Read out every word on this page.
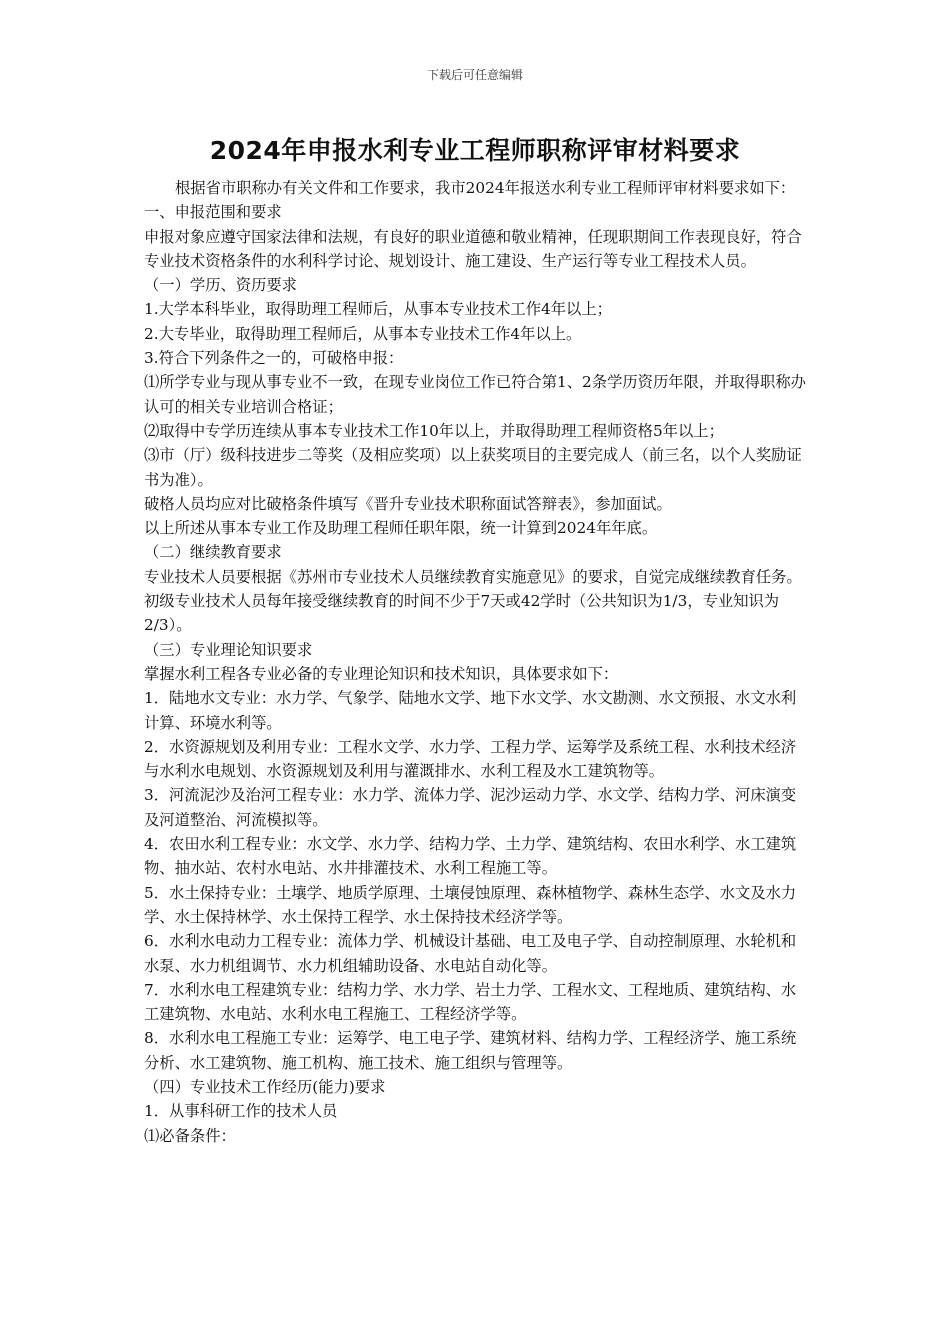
下载后可任意编辑
2024年申报水利专业工程师职称评审材料要求

根据省市职称办有关文件和工作要求，我市2024年报送水利专业工程师评审材料要求如下：

一、申报范围和要求

申报对象应遵守国家法律和法规，有良好的职业道德和敬业精神，任现职期间工作表现良好，符合专业技术资格条件的水利科学讨论、规划设计、施工建设、生产运行等专业工程技术人员。

（一）学历、资历要求

1.大学本科毕业，取得助理工程师后，从事本专业技术工作4年以上；

2.大专毕业，取得助理工程师后，从事本专业技术工作4年以上。

3.符合下列条件之一的，可破格申报：

⑴所学专业与现从事专业不一致，在现专业岗位工作已符合第1、2条学历资历年限，并取得职称办认可的相关专业培训合格证；

⑵取得中专学历连续从事本专业技术工作10年以上，并取得助理工程师资格5年以上；

⑶市（厅）级科技进步二等奖（及相应奖项）以上获奖项目的主要完成人（前三名，以个人奖励证书为准）。

破格人员均应对比破格条件填写《晋升专业技术职称面试答辩表》，参加面试。

以上所述从事本专业工作及助理工程师任职年限，统一计算到2024年年底。

（二）继续教育要求

专业技术人员要根据《苏州市专业技术人员继续教育实施意见》的要求，自觉完成继续教育任务。初级专业技术人员每年接受继续教育的时间不少于7天或42学时（公共知识为1/3，专业知识为2/3）。

（三）专业理论知识要求

掌握水利工程各专业必备的专业理论知识和技术知识，具体要求如下：

1．陆地水文专业：水力学、气象学、陆地水文学、地下水文学、水文勘测、水文预报、水文水利计算、环境水利等。

2．水资源规划及利用专业：工程水文学、水力学、工程力学、运筹学及系统工程、水利技术经济与水利水电规划、水资源规划及利用与灌溉排水、水利工程及水工建筑物等。

3．河流泥沙及治河工程专业：水力学、流体力学、泥沙运动力学、水文学、结构力学、河床演变及河道整治、河流模拟等。

4．农田水利工程专业：水文学、水力学、结构力学、土力学、建筑结构、农田水利学、水工建筑物、抽水站、农村水电站、水井排灌技术、水利工程施工等。

5．水土保持专业：土壤学、地质学原理、土壤侵蚀原理、森林植物学、森林生态学、水文及水力学、水土保持林学、水土保持工程学、水土保持技术经济学等。

6．水利水电动力工程专业：流体力学、机械设计基础、电工及电子学、自动控制原理、水轮机和水泵、水力机组调节、水力机组辅助设备、水电站自动化等。

7．水利水电工程建筑专业：结构力学、水力学、岩土力学、工程水文、工程地质、建筑结构、水工建筑物、水电站、水利水电工程施工、工程经济学等。

8．水利水电工程施工专业：运筹学、电工电子学、建筑材料、结构力学、工程经济学、施工系统分析、水工建筑物、施工机构、施工技术、施工组织与管理等。

（四）专业技术工作经历(能力)要求

1．从事科研工作的技术人员

⑴必备条件：
